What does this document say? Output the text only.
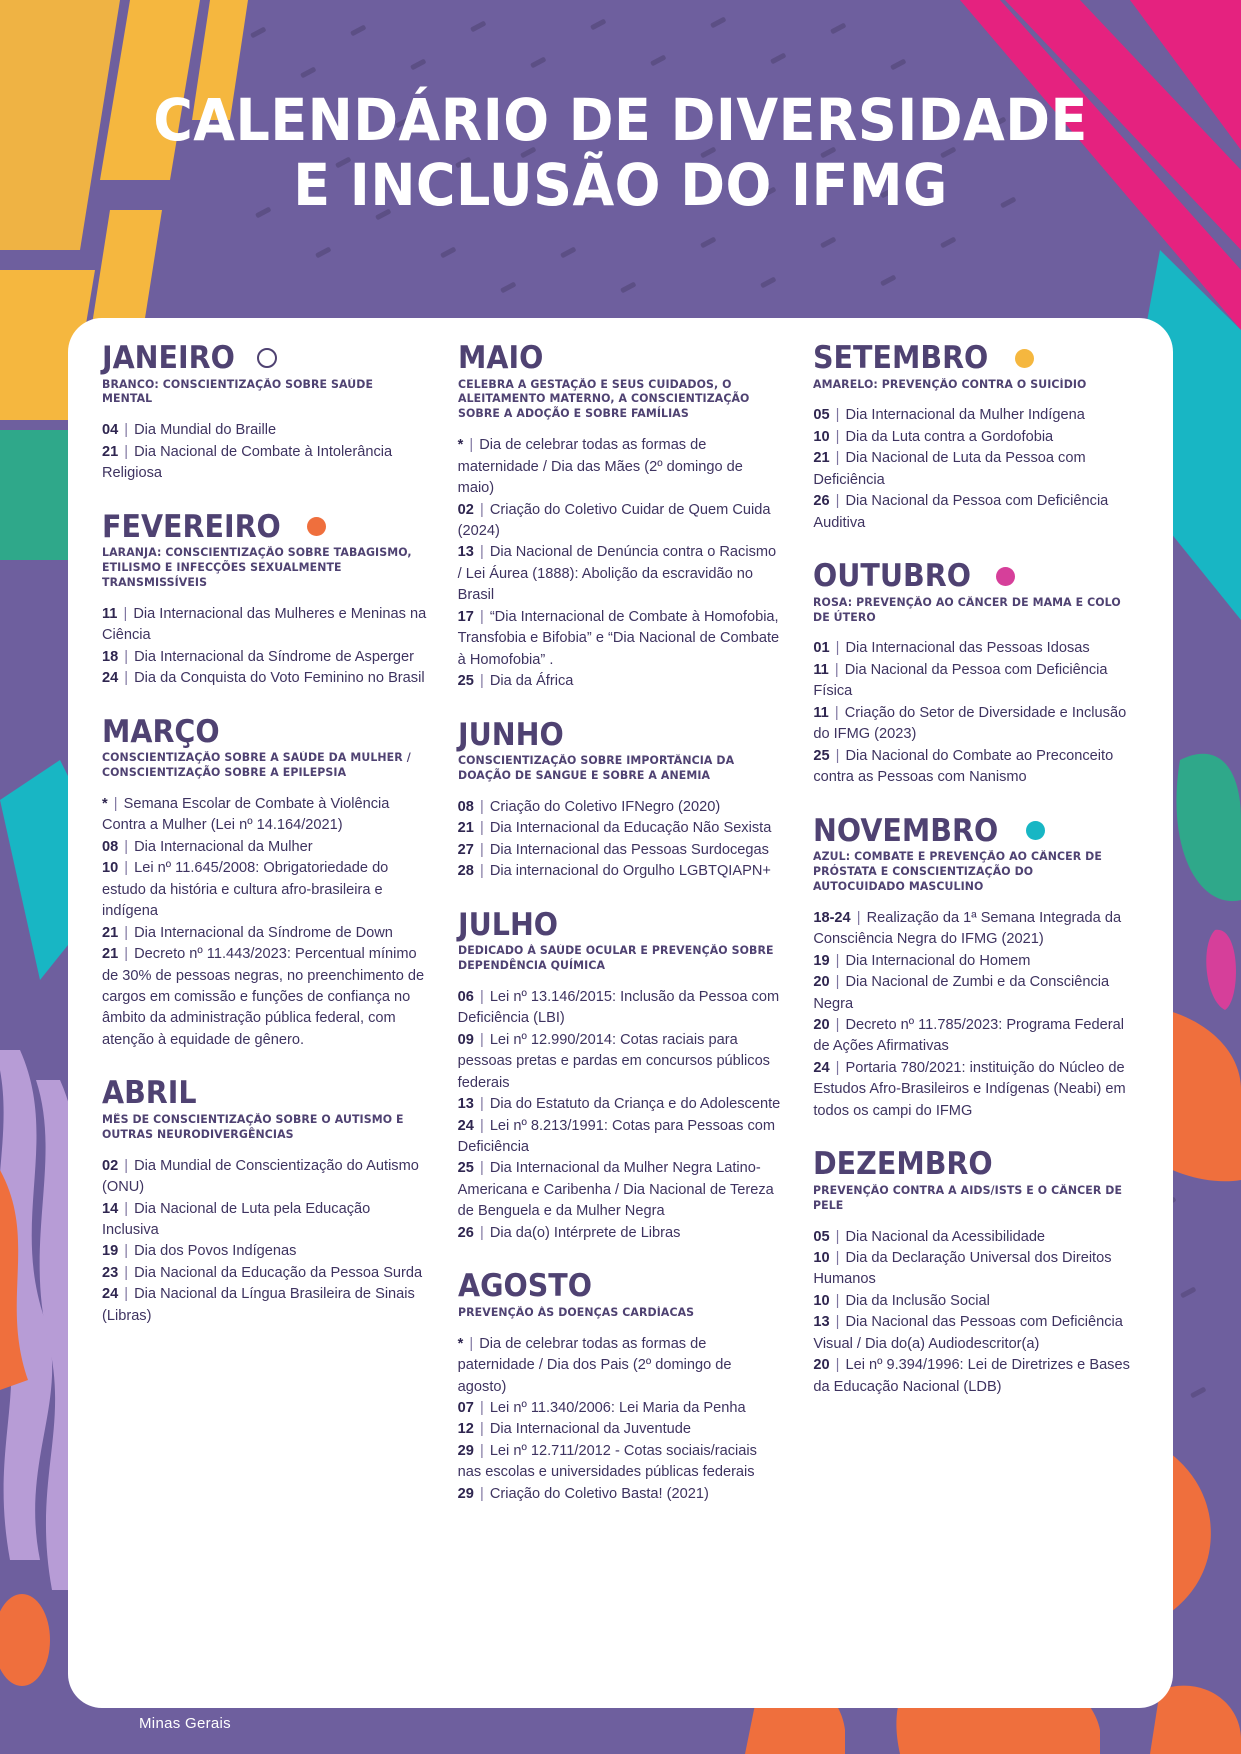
CALENDÁRIO DE DIVERSIDADE
E INCLUSÃO DO IFMG
JANEIRO
BRANCO: CONSCIENTIZAÇÃO SOBRE SAÚDE MENTAL
04 | Dia Mundial do Braille
21 | Dia Nacional de Combate à Intolerância Religiosa
FEVEREIRO
LARANJA: CONSCIENTIZAÇÃO SOBRE TABAGISMO, ETILISMO E INFECÇÕES SEXUALMENTE TRANSMISSÍVEIS
11 | Dia Internacional das Mulheres e Meninas na Ciência
18 | Dia Internacional da Síndrome de Asperger
24 | Dia da Conquista do Voto Feminino no Brasil
MARÇO
CONSCIENTIZAÇÃO SOBRE A SAÚDE DA MULHER / CONSCIENTIZAÇÃO SOBRE A EPILEPSIA
* | Semana Escolar de Combate à Violência Contra a Mulher (Lei nº 14.164/2021)
08 | Dia Internacional da Mulher
10 | Lei nº 11.645/2008: Obrigatoriedade do estudo da história e cultura afro-brasileira e indígena
21 | Dia Internacional da Síndrome de Down
21 | Decreto nº 11.443/2023: Percentual mínimo de 30% de pessoas negras, no preenchimento de cargos em comissão e funções de confiança no âmbito da administração pública federal, com atenção à equidade de gênero.
ABRIL
MÊS DE CONSCIENTIZAÇÃO SOBRE O AUTISMO E OUTRAS NEURODIVERGÊNCIAS
02 | Dia Mundial de Conscientização do Autismo (ONU)
14 | Dia Nacional de Luta pela Educação Inclusiva
19 | Dia dos Povos Indígenas
23 | Dia Nacional da Educação da Pessoa Surda
24 | Dia Nacional da Língua Brasileira de Sinais (Libras)
MAIO
CELEBRA A GESTAÇÃO E SEUS CUIDADOS, O ALEITAMENTO MATERNO, A CONSCIENTIZAÇÃO SOBRE A ADOÇÃO E SOBRE FAMÍLIAS
* | Dia de celebrar todas as formas de maternidade / Dia das Mães (2º domingo de maio)
02 | Criação do Coletivo Cuidar de Quem Cuida (2024)
13 | Dia Nacional de Denúncia contra o Racismo / Lei Áurea (1888): Abolição da escravidão no Brasil
17 | “Dia Internacional de Combate à Homofobia, Transfobia e Bifobia” e “Dia Nacional de Combate à Homofobia” .
25 | Dia da África
JUNHO
CONSCIENTIZAÇÃO SOBRE IMPORTÂNCIA DA DOAÇÃO DE SANGUE E SOBRE A ANEMIA
08 | Criação do Coletivo IFNegro (2020)
21 | Dia Internacional da Educação Não Sexista
27 | Dia Internacional das Pessoas Surdocegas
28 | Dia internacional do Orgulho LGBTQIAPN+
JULHO
DEDICADO À SAÚDE OCULAR E PREVENÇÃO SOBRE DEPENDÊNCIA QUÍMICA
06 | Lei nº 13.146/2015: Inclusão da Pessoa com Deficiência (LBI)
09 | Lei nº 12.990/2014: Cotas raciais para pessoas pretas e pardas em concursos públicos federais
13 | Dia do Estatuto da Criança e do Adolescente
24 | Lei nº 8.213/1991: Cotas para Pessoas com Deficiência
25 | Dia Internacional da Mulher Negra Latino-Americana e Caribenha / Dia Nacional de Tereza de Benguela e da Mulher Negra
26 | Dia da(o) Intérprete de Libras
AGOSTO
PREVENÇÃO ÀS DOENÇAS CARDÍACAS
* | Dia de celebrar todas as formas de paternidade / Dia dos Pais (2º domingo de agosto)
07 | Lei nº 11.340/2006: Lei Maria da Penha
12 | Dia Internacional da Juventude
29 | Lei nº 12.711/2012 - Cotas sociais/raciais nas escolas e universidades públicas federais
29 | Criação do Coletivo Basta! (2021)
SETEMBRO
AMARELO: PREVENÇÃO CONTRA O SUICÍDIO
05 | Dia Internacional da Mulher Indígena
10 | Dia da Luta contra a Gordofobia
21 | Dia Nacional de Luta da Pessoa com Deficiência
26 | Dia Nacional da Pessoa com Deficiência Auditiva
OUTUBRO
ROSA: PREVENÇÃO AO CÂNCER DE MAMA E COLO DE ÚTERO
01 | Dia Internacional das Pessoas Idosas
11 | Dia Nacional da Pessoa com Deficiência Física
11 | Criação do Setor de Diversidade e Inclusão do IFMG (2023)
25 | Dia Nacional do Combate ao Preconceito contra as Pessoas com Nanismo
NOVEMBRO
AZUL: COMBATE E PREVENÇÃO AO CÂNCER DE PRÓSTATA E CONSCIENTIZAÇÃO DO AUTOCUIDADO MASCULINO
18-24 | Realização da 1ª Semana Integrada da Consciência Negra do IFMG (2021)
19 | Dia Internacional do Homem
20 | Dia Nacional de Zumbi e da Consciência Negra
20 | Decreto nº 11.785/2023: Programa Federal de Ações Afirmativas
24 | Portaria 780/2021: instituição do Núcleo de Estudos Afro-Brasileiros e Indígenas (Neabi) em todos os campi do IFMG
DEZEMBRO
PREVENÇÃO CONTRA A AIDS/ISTS E O CÂNCER DE PELE
05 | Dia Nacional da Acessibilidade
10 | Dia da Declaração Universal dos Direitos Humanos
10 | Dia da Inclusão Social
13 | Dia Nacional das Pessoas com Deficiência Visual / Dia do(a) Audiodescritor(a)
20 | Lei nº 9.394/1996: Lei de Diretrizes e Bases da Educação Nacional (LDB)
INSTITUTO
FEDERAL
Minas Gerais
